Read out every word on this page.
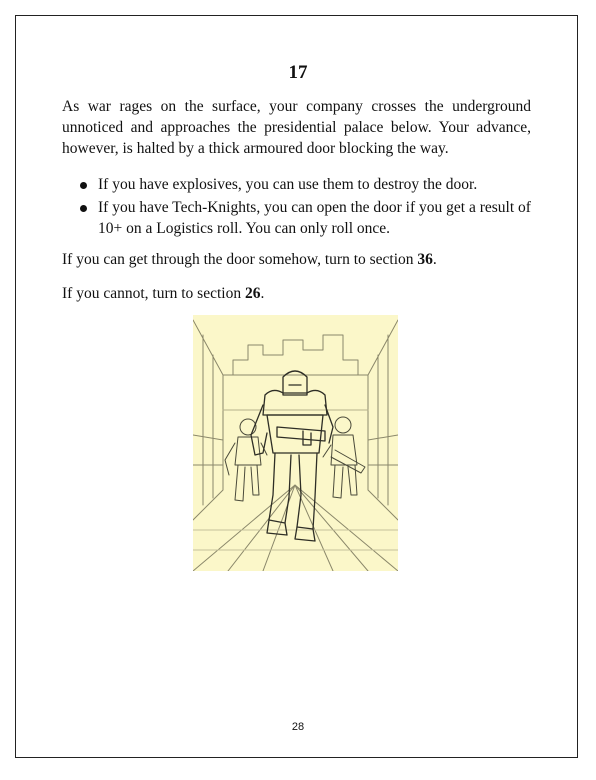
17
As war rages on the surface, your company crosses the underground unnoticed and approaches the presidential palace below. Your advance, however, is halted by a thick armoured door blocking the way.
If you have explosives, you can use them to destroy the door.
If you have Tech-Knights, you can open the door if you get a result of 10+ on a Logistics roll. You can only roll once.
If you can get through the door somehow, turn to section 36.
If you cannot, turn to section 26.
28
